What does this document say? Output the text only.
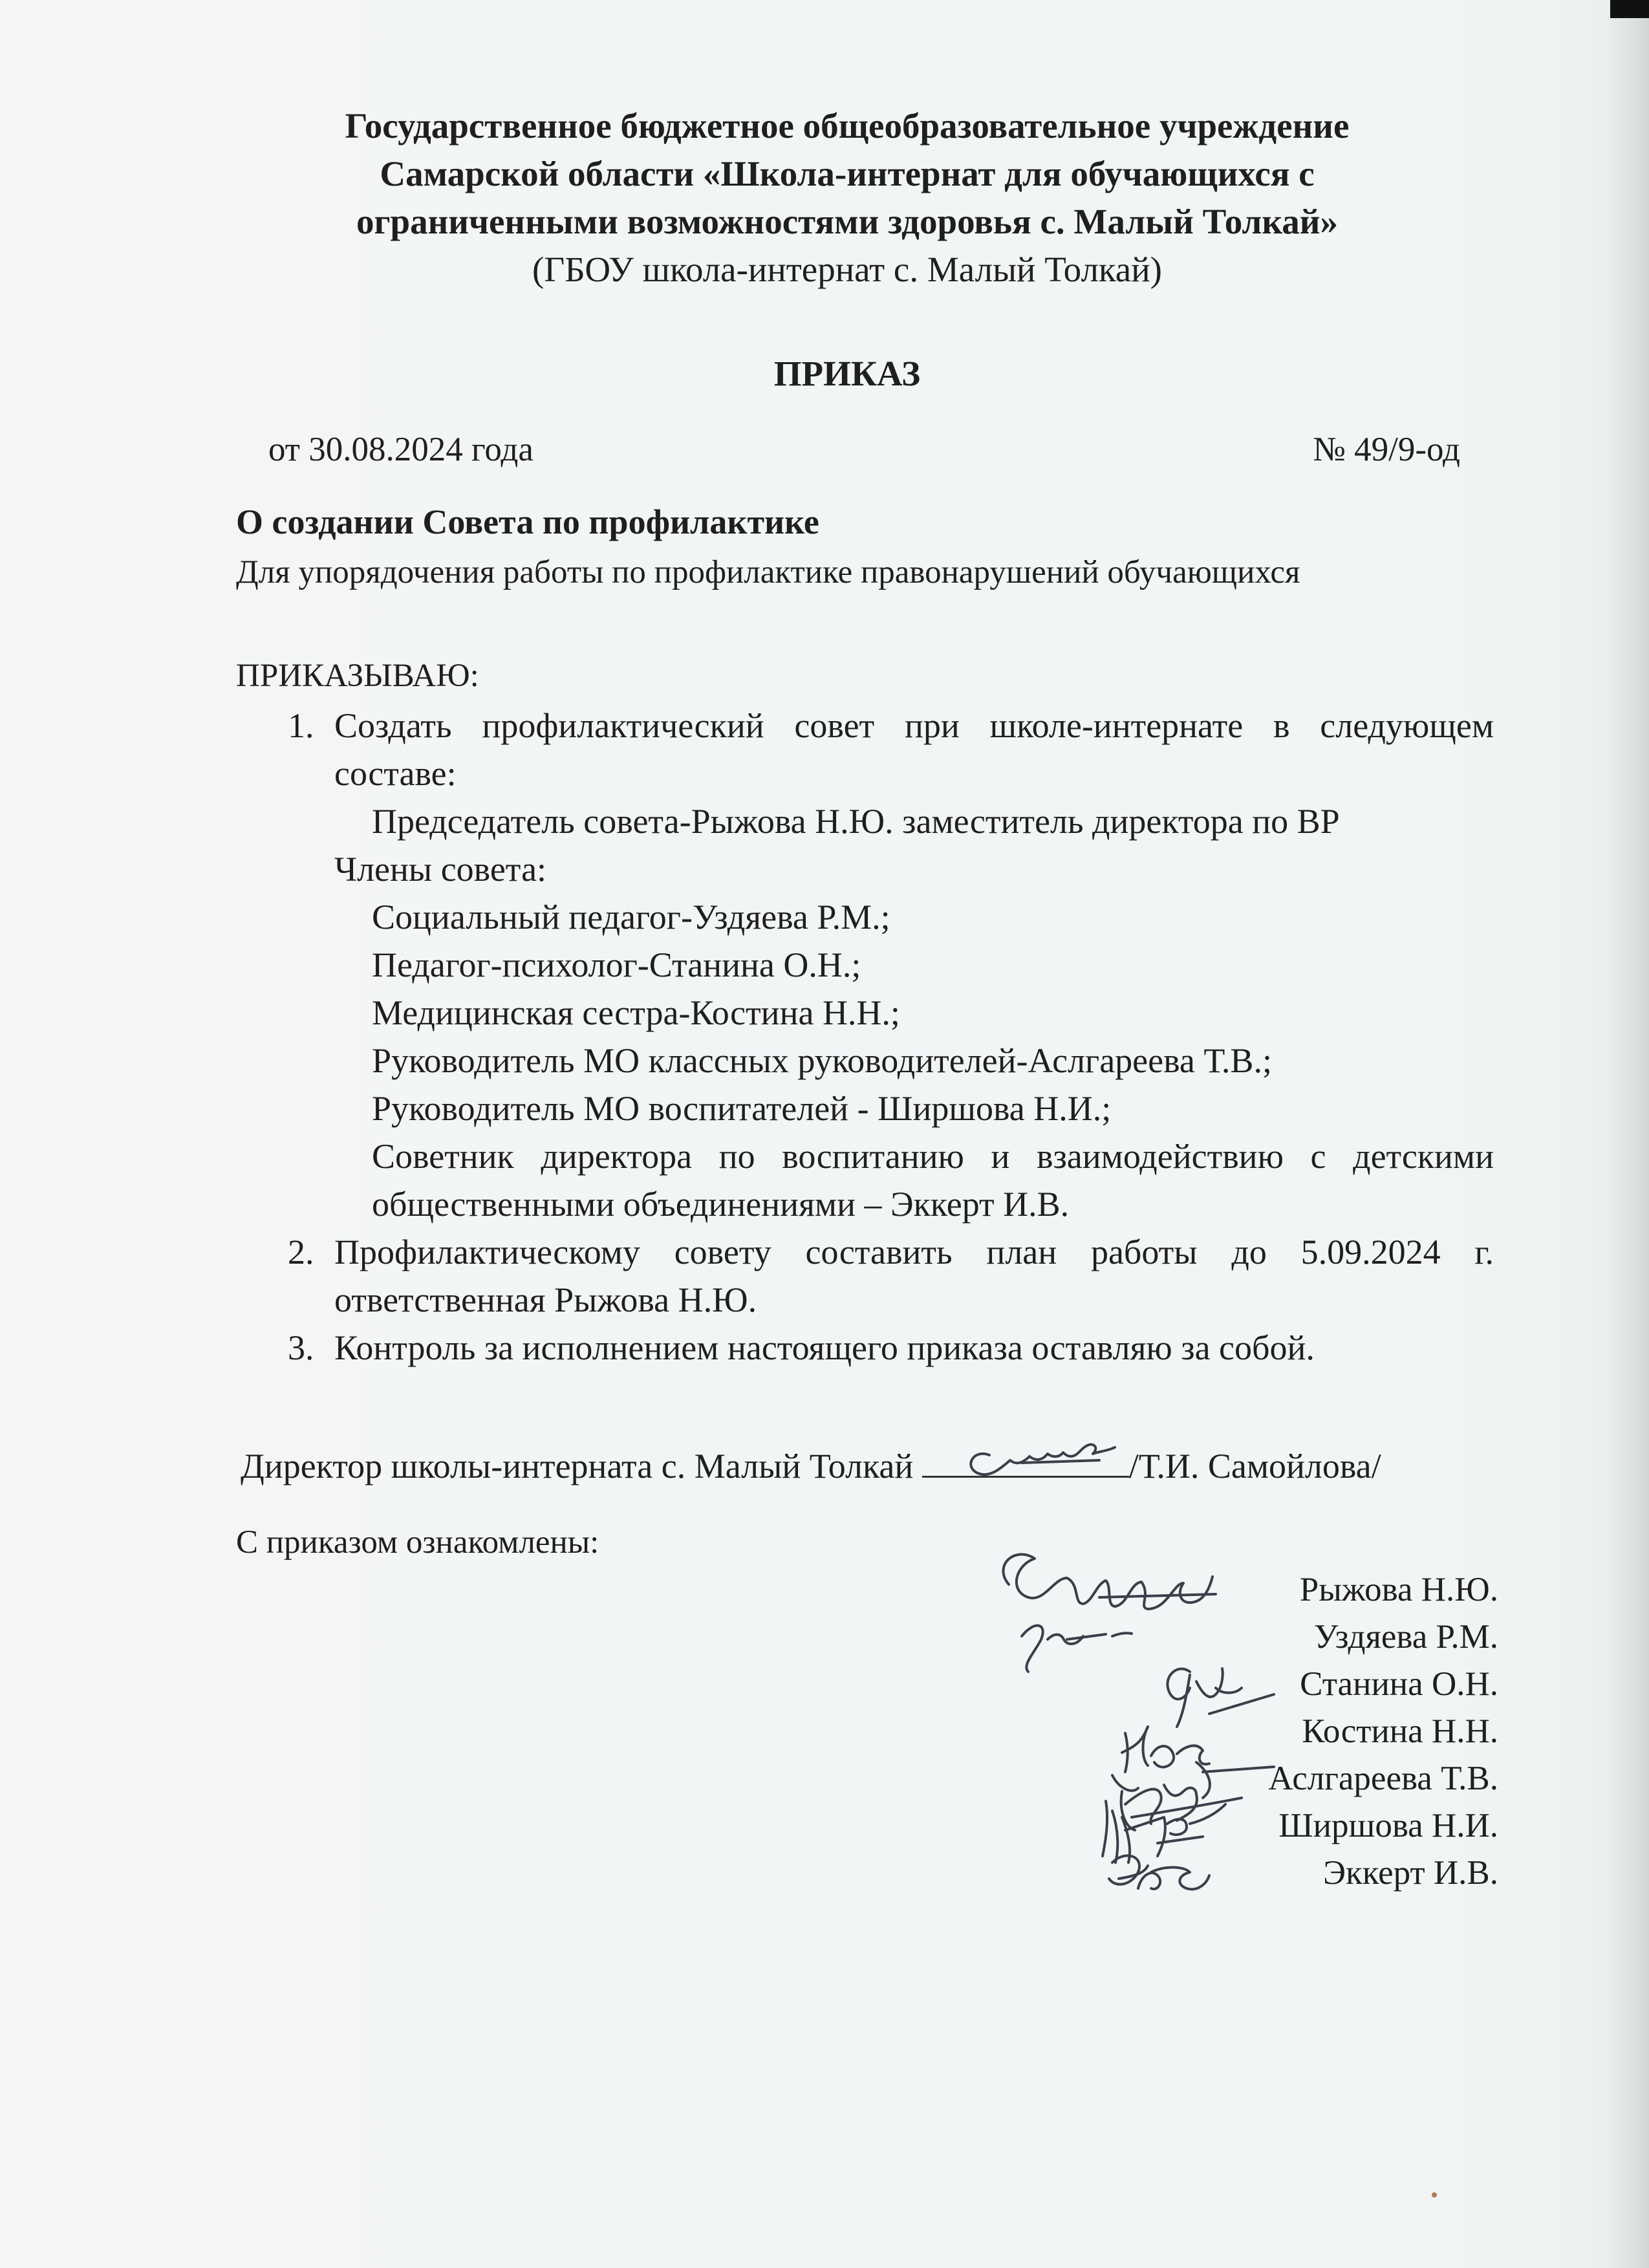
Государственное бюджетное общеобразовательное учреждение
Самарской области «Школа-интернат для обучающихся с
ограниченными возможностями здоровья с. Малый Толкай»
(ГБОУ школа-интернат с. Малый Толкай)
ПРИКАЗ
от 30.08.2024 года	№ 49/9-од
О создании Совета по профилактике
Для упорядочения работы по профилактике правонарушений обучающихся
ПРИКАЗЫВАЮ:
1. Создать профилактический совет при школе-интернате в следующем составе:
Председатель совета-Рыжова Н.Ю. заместитель директора по ВР
Члены совета:
Социальный педагог-Уздяева Р.М.;
Педагог-психолог-Станина О.Н.;
Медицинская сестра-Костина Н.Н.;
Руководитель МО классных руководителей-Аслгареева Т.В.;
Руководитель МО воспитателей - Ширшова Н.И.;
Советник директора по воспитанию и взаимодействию с детскими общественными объединениями – Эккерт И.В.
2. Профилактическому совету составить план работы до 5.09.2024 г. ответственная Рыжова Н.Ю.
3. Контроль за исполнением настоящего приказа оставляю за собой.
Директор школы-интерната с. Малый Толкай	/Т.И. Самойлова/
С приказом ознакомлены:
Рыжова Н.Ю.
Уздяева Р.М.
Станина О.Н.
Костина Н.Н.
Аслгареева Т.В.
Ширшова Н.И.
Эккерт И.В.
